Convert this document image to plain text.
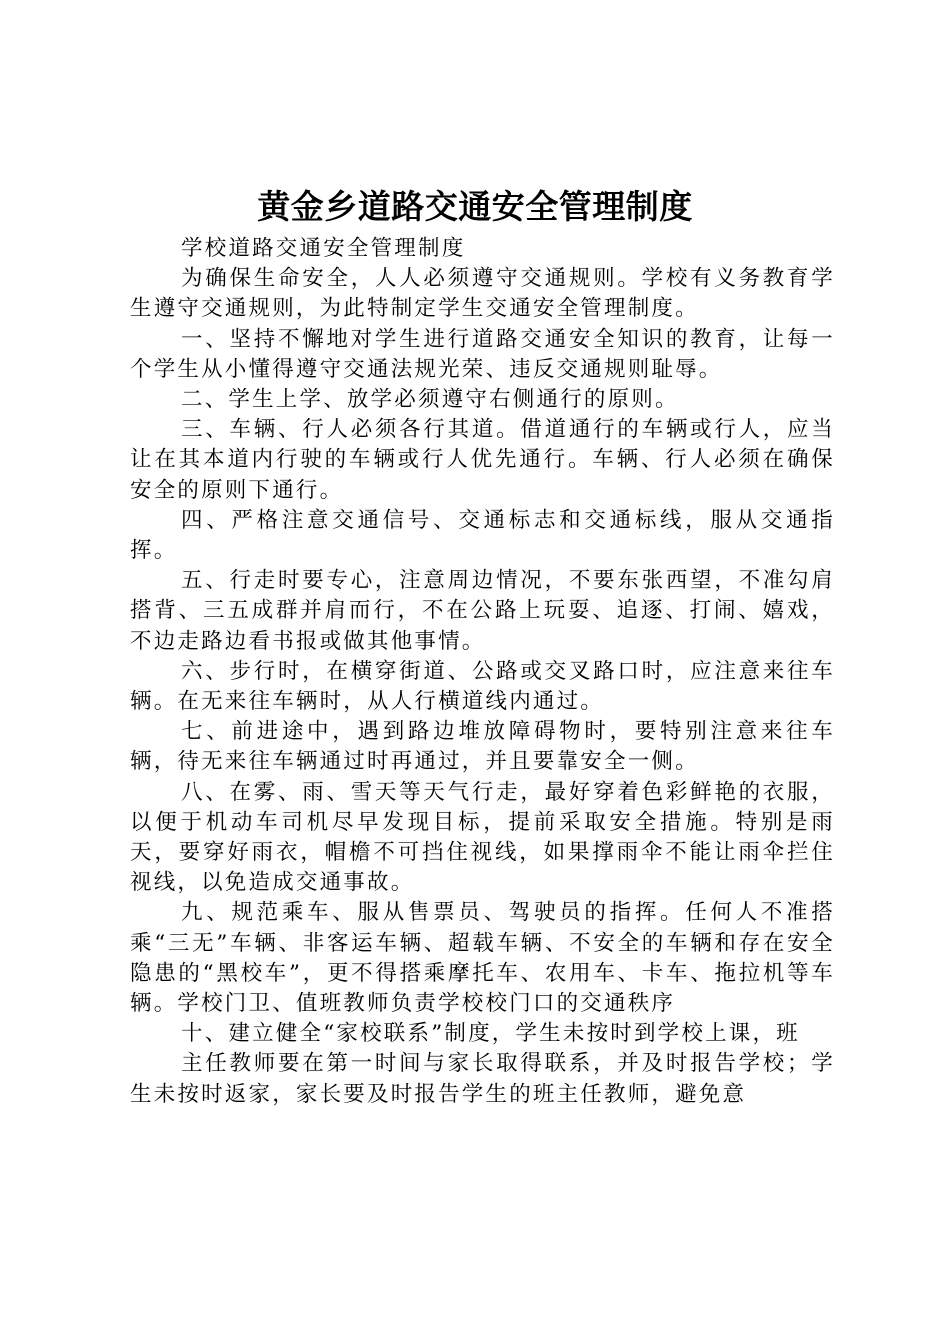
黄金乡道路交通安全管理制度

学校道路交通安全管理制度

为确保生命安全，人人必须遵守交通规则。学校有义务教育学生遵守交通规则，为此特制定学生交通安全管理制度。

一、坚持不懈地对学生进行道路交通安全知识的教育，让每一个学生从小懂得遵守交通法规光荣、违反交通规则耻辱。

二、学生上学、放学必须遵守右侧通行的原则。

三、车辆、行人必须各行其道。借道通行的车辆或行人，应当让在其本道内行驶的车辆或行人优先通行。车辆、行人必须在确保安全的原则下通行。

四、严格注意交通信号、交通标志和交通标线，服从交通指挥。

五、行走时要专心，注意周边情况，不要东张西望，不准勾肩搭背、三五成群并肩而行，不在公路上玩耍、追逐、打闹、嬉戏，不边走路边看书报或做其他事情。

六、步行时，在横穿街道、公路或交叉路口时，应注意来往车辆。在无来往车辆时，从人行横道线内通过。

七、前进途中，遇到路边堆放障碍物时，要特别注意来往车辆，待无来往车辆通过时再通过，并且要靠安全一侧。

八、在雾、雨、雪天等天气行走，最好穿着色彩鲜艳的衣服，以便于机动车司机尽早发现目标，提前采取安全措施。特别是雨天，要穿好雨衣，帽檐不可挡住视线，如果撑雨伞不能让雨伞拦住视线，以免造成交通事故。

九、规范乘车、服从售票员、驾驶员的指挥。任何人不准搭乘“三无”车辆、非客运车辆、超载车辆、不安全的车辆和存在安全隐患的“黑校车”，更不得搭乘摩托车、农用车、卡车、拖拉机等车辆。学校门卫、值班教师负责学校校门口的交通秩序

十、建立健全“家校联系”制度，学生未按时到学校上课，班

主任教师要在第一时间与家长取得联系，并及时报告学校；学生未按时返家，家长要及时报告学生的班主任教师，避免意
